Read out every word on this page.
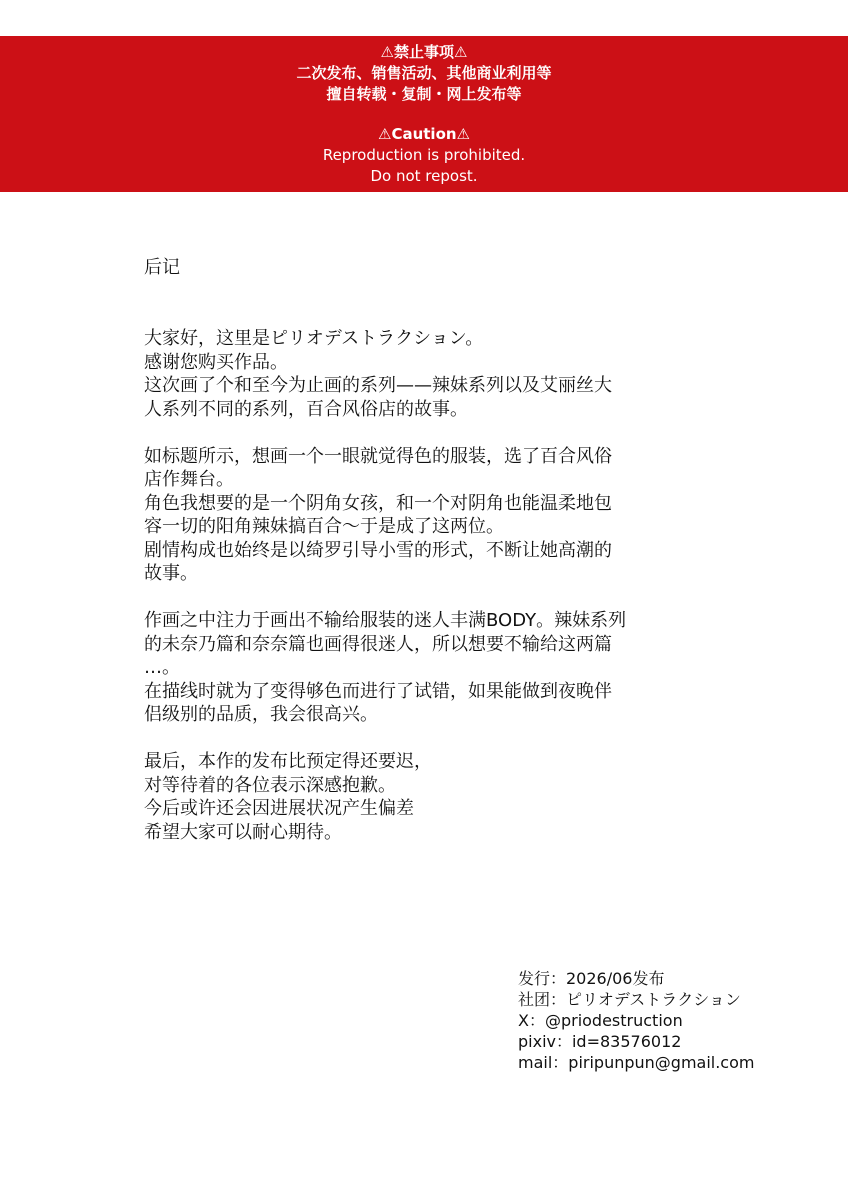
⚠禁止事项⚠
二次发布、销售活动、其他商业利用等
擅自转载・复制・网上发布等
⚠Caution⚠
Reproduction is prohibited.
Do not repost.
后记
大家好，这里是ピリオデストラクション。
感谢您购买作品。
这次画了个和至今为止画的系列——辣妹系列以及艾丽丝大
人系列不同的系列，百合风俗店的故事。
如标题所示，想画一个一眼就觉得色的服装，选了百合风俗
店作舞台。
角色我想要的是一个阴角女孩，和一个对阴角也能温柔地包
容一切的阳角辣妹搞百合～于是成了这两位。
剧情构成也始终是以绮罗引导小雪的形式，不断让她高潮的
故事。
作画之中注力于画出不输给服装的迷人丰满BODY。辣妹系列
的未奈乃篇和奈奈篇也画得很迷人，所以想要不输给这两篇
…。
在描线时就为了变得够色而进行了试错，如果能做到夜晚伴
侣级别的品质，我会很高兴。
最后，本作的发布比预定得还要迟，
对等待着的各位表示深感抱歉。
今后或许还会因进展状况产生偏差
希望大家可以耐心期待。
发行：2026/06发布
社团：ピリオデストラクション
X：@priodestruction
pixiv：id=83576012
mail：piripunpun@gmail.com
